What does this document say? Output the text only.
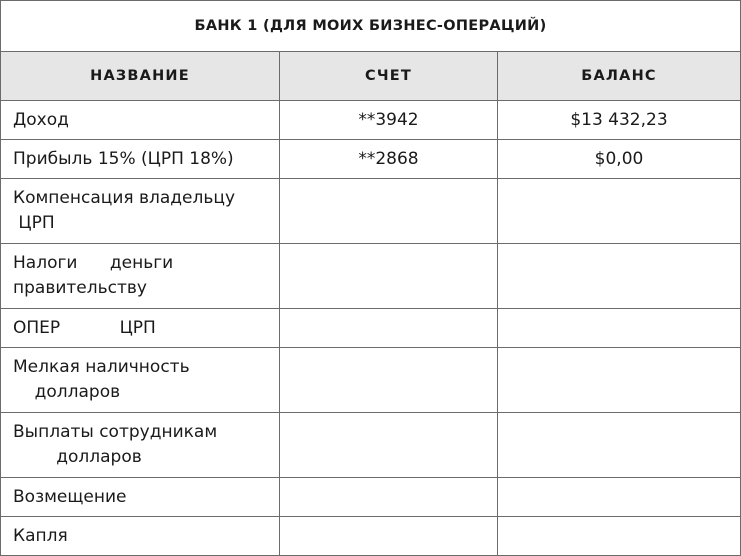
БАНК 1 (ДЛЯ МОИХ БИЗНЕС-ОПЕРАЦИЙ)		
НАЗВАНИЕ	СЧЕТ	БАЛАНС
Доход	**3942	$13 432,23
Прибыль 15% (ЦРП 18%)	**2868	$0,00

Компенсация владельцу
ЦРП		

Налоги      деньги
правительству		

ОПЕР           ЦРП		

Мелкая наличность
долларов		

Выплаты сотрудникам
долларов		

Возмещение		
Капля		
